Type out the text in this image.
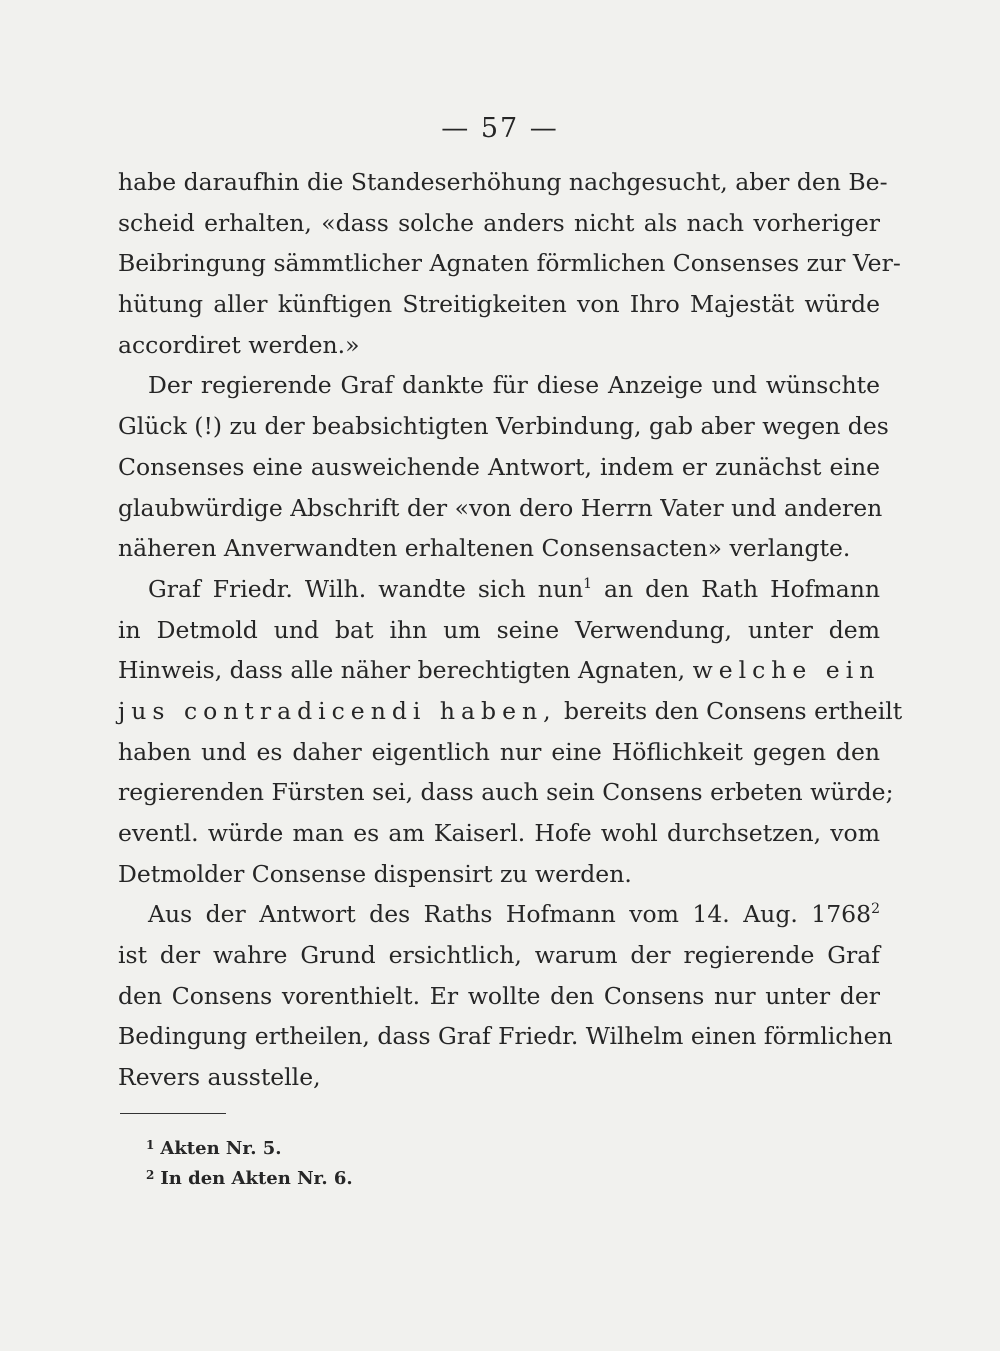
— 57 —
habe daraufhin die Standeserhöhung nachgesucht, aber den Be-
scheid erhalten, «dass solche anders nicht als nach vorheriger
Beibringung sämmtlicher Agnaten förmlichen Consenses zur Ver-
hütung aller künftigen Streitigkeiten von Ihro Majestät würde
accordiret werden.»
Der regierende Graf dankte für diese Anzeige und wünschte
Glück (!) zu der beabsichtigten Verbindung, gab aber wegen des
Consenses eine ausweichende Antwort, indem er zunächst eine
glaubwürdige Abschrift der «von dero Herrn Vater und anderen
näheren Anverwandten erhaltenen Consensacten» verlangte.
Graf Friedr. Wilh. wandte sich nun$^1$ an den Rath Hofmann
in Detmold und bat ihn um seine Verwendung, unter dem
Hinweis, dass alle näher berechtigten Agnaten, welche ein
jus contradicendi haben, bereits den Consens ertheilt
haben und es daher eigentlich nur eine Höflichkeit gegen den
regierenden Fürsten sei, dass auch sein Consens erbeten würde;
eventl. würde man es am Kaiserl. Hofe wohl durchsetzen, vom
Detmolder Consense dispensirt zu werden.
Aus der Antwort des Raths Hofmann vom 14. Aug. 1768$^2$
ist der wahre Grund ersichtlich, warum der regierende Graf
den Consens vorenthielt. Er wollte den Consens nur unter der
Bedingung ertheilen, dass Graf Friedr. Wilhelm einen förmlichen
Revers ausstelle,
$^1$ Akten Nr. 5.
$^2$ In den Akten Nr. 6.
